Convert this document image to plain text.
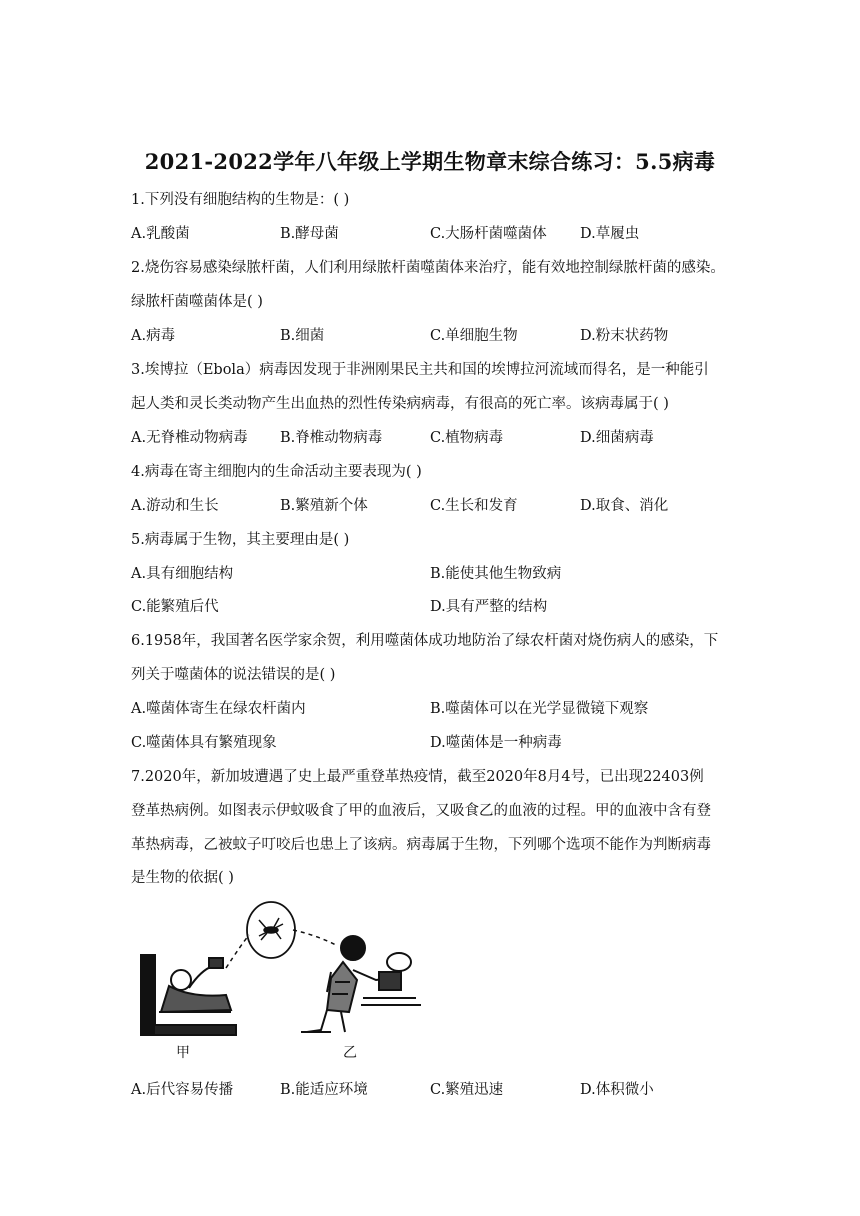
2021-2022学年八年级上学期生物章末综合练习：5.5病毒
1.下列没有细胞结构的生物是：( )
A.乳酸菌	B.酵母菌	C.大肠杆菌噬菌体 D.草履虫
2.烧伤容易感染绿脓杆菌，人们利用绿脓杆菌噬菌体来治疗，能有效地控制绿脓杆菌的感染。
绿脓杆菌噬菌体是( )
A.病毒	B.细菌	C.单细胞生物	D.粉末状药物
3.埃博拉（Ebola）病毒因发现于非洲刚果民主共和国的埃博拉河流域而得名，是一种能引
起人类和灵长类动物产生出血热的烈性传染病病毒，有很高的死亡率。该病毒属于( )
A.无脊椎动物病毒 B.脊椎动物病毒	C.植物病毒	D.细菌病毒
4.病毒在寄主细胞内的生命活动主要表现为( )
A.游动和生长	B.繁殖新个体	C.生长和发育	D.取食、消化
5.病毒属于生物，其主要理由是( )
A.具有细胞结构	B.能使其他生物致病
C.能繁殖后代	D.具有严整的结构
6.1958年，我国著名医学家余贺，利用噬菌体成功地防治了绿农杆菌对烧伤病人的感染，下
列关于噬菌体的说法错误的是( )
A.噬菌体寄生在绿农杆菌内	B.噬菌体可以在光学显微镜下观察
C.噬菌体具有繁殖现象	D.噬菌体是一种病毒
7.2020年，新加坡遭遇了史上最严重登革热疫情，截至2020年8月4号，已出现22403例
登革热病例。如图表示伊蚊吸食了甲的血液后，又吸食乙的血液的过程。甲的血液中含有登
革热病毒，乙被蚊子叮咬后也患上了该病。病毒属于生物，下列哪个选项不能作为判断病毒
是生物的依据( )
甲	乙
A.后代容易传播	B.能适应环境	C.繁殖迅速	D.体积微小
